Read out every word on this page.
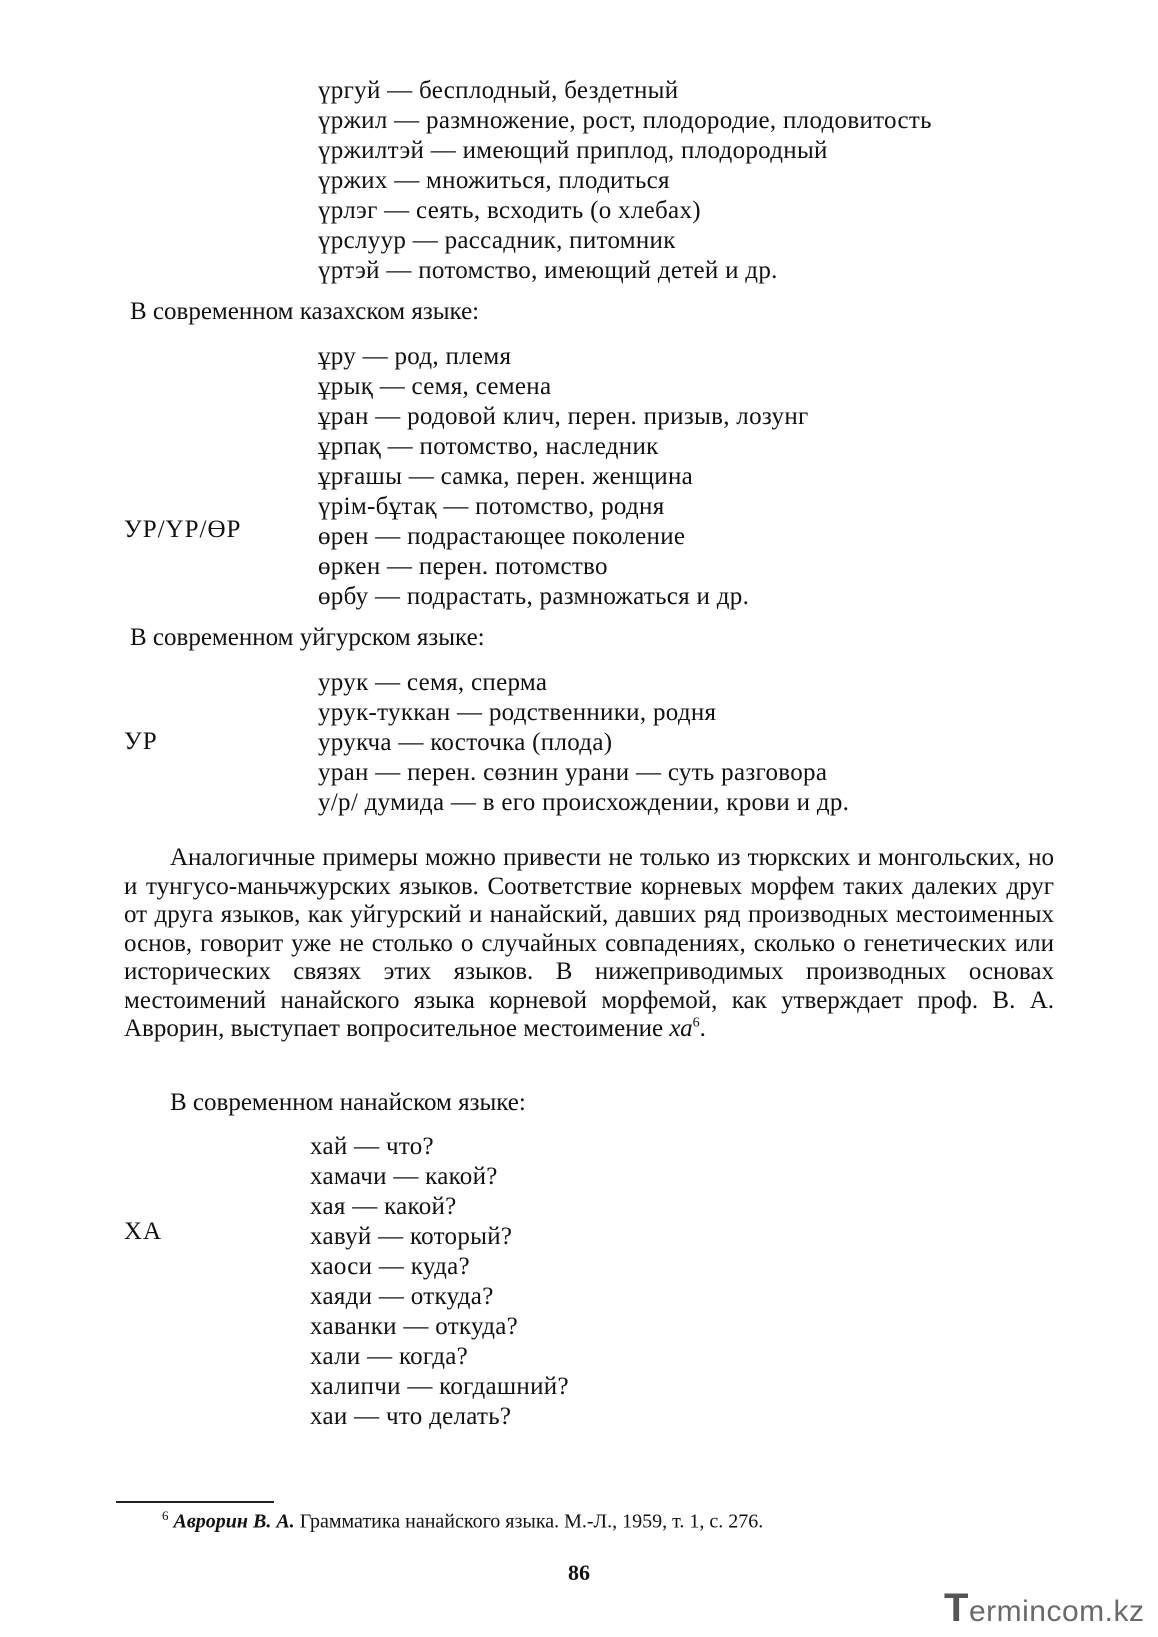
үргуй — бесплодный, бездетный
үржил — размножение, рост, плодородие, плодовитость
үржилтэй — имеющий приплод, плодородный
үржих — множиться, плодиться
үрлэг — сеять, всходить (о хлебах)
үрслуур — рассадник, питомник
үртэй — потомство, имеющий детей и др.
В современном казахском языке:
ұру — род, племя
ұрық — семя, семена
ұран — родовой клич, перен. призыв, лозунг
ұрпақ — потомство, наследник
ұрғашы — самка, перен. женщина
үрім-бұтақ — потомство, родня
өрен — подрастающее поколение
өркен — перен. потомство
өрбу — подрастать, размножаться и др.
УР/ҮР/ӨР
В современном уйгурском языке:
урук — семя, сперма
урук-туккан — родственники, родня
урукча — косточка (плода)
уран — перен. сөзнин урани — суть разговора
у/р/ думида — в его происхождении, крови и др.
УР

Аналогичные примеры можно привести не только из тюркских и монгольских, но и тунгусо-маньчжурских языков. Соответствие корневых морфем таких далеких друг от друга языков, как уйгурский и нанайский, давших ряд производных местоименных основ, говорит уже не столько о случайных совпадениях, сколько о генетических или исторических связях этих языков. В нижеприводимых производных основах местоимений нанайского языка корневой морфемой, как утверждает проф. В. А. Аврорин, выступает вопросительное местоимение $ха^6$.

В современном нанайском языке:
хай — что?
хамачи — какой?
хая — какой?
хавуй — который?
хаоси — куда?
хаяди — откуда?
хаванки — откуда?
хали — когда?
халипчи — когдашний?
хаи — что делать?
ХА
$^6$ Аврорин В. А. Грамматика нанайского языка. М.-Л., 1959, т. 1, с. 276.
86
Termincom.kz
